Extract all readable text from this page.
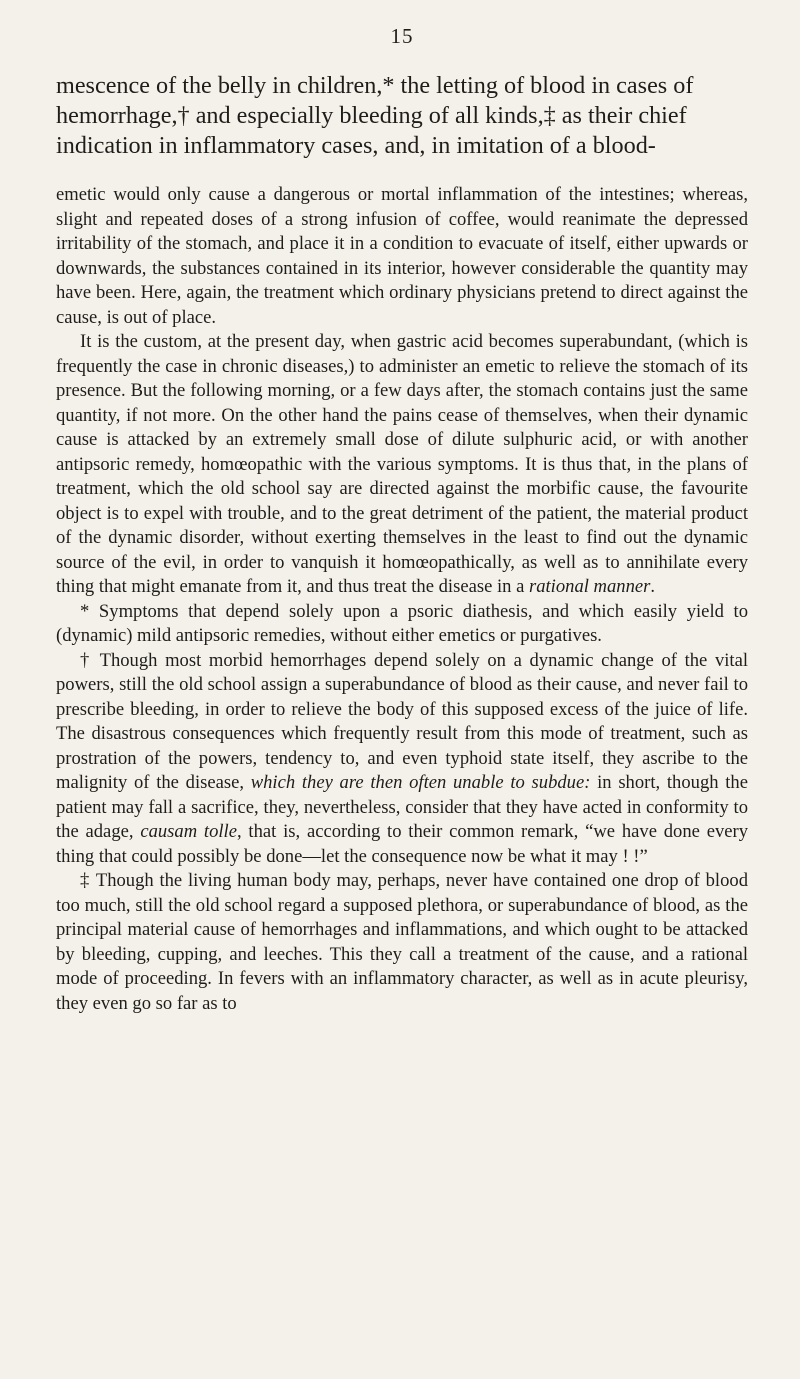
15
mescence of the belly in children,* the letting of blood in cases of
hemorrhage,† and especially bleeding of all kinds,‡ as their chief
indication in inflammatory cases, and, in imitation of a blood-

emetic would only cause a dangerous or mortal inflammation of the intestines; whereas, slight and repeated doses of a strong infusion of coffee, would reanimate the depressed irritability of the stomach, and place it in a condition to evacuate of itself, either upwards or downwards, the substances contained in its interior, however considerable the quantity may have been. Here, again, the treatment which ordinary physicians pretend to direct against the cause, is out of place.

It is the custom, at the present day, when gastric acid becomes superabundant, (which is frequently the case in chronic diseases,) to administer an emetic to relieve the stomach of its presence. But the following morning, or a few days after, the stomach contains just the same quantity, if not more. On the other hand the pains cease of themselves, when their dynamic cause is attacked by an extremely small dose of dilute sulphuric acid, or with another antipsoric remedy, homœopathic with the various symptoms. It is thus that, in the plans of treatment, which the old school say are directed against the morbific cause, the favourite object is to expel with trouble, and to the great detriment of the patient, the material product of the dynamic disorder, without exerting themselves in the least to find out the dynamic source of the evil, in order to vanquish it homœopathically, as well as to annihilate every thing that might emanate from it, and thus treat the disease in a rational manner.

* Symptoms that depend solely upon a psoric diathesis, and which easily yield to (dynamic) mild antipsoric remedies, without either emetics or purgatives.

† Though most morbid hemorrhages depend solely on a dynamic change of the vital powers, still the old school assign a superabundance of blood as their cause, and never fail to prescribe bleeding, in order to relieve the body of this supposed excess of the juice of life. The disastrous consequences which frequently result from this mode of treatment, such as prostration of the powers, tendency to, and even typhoid state itself, they ascribe to the malignity of the disease, which they are then often unable to subdue: in short, though the patient may fall a sacrifice, they, nevertheless, consider that they have acted in conformity to the adage, causam tolle, that is, according to their common remark, “we have done every thing that could possibly be done—let the consequence now be what it may ! !”

‡ Though the living human body may, perhaps, never have contained one drop of blood too much, still the old school regard a supposed plethora, or superabundance of blood, as the principal material cause of hemorrhages and inflammations, and which ought to be attacked by bleeding, cupping, and leeches. This they call a treatment of the cause, and a rational mode of proceeding. In fevers with an inflammatory character, as well as in acute pleurisy, they even go so far as to
